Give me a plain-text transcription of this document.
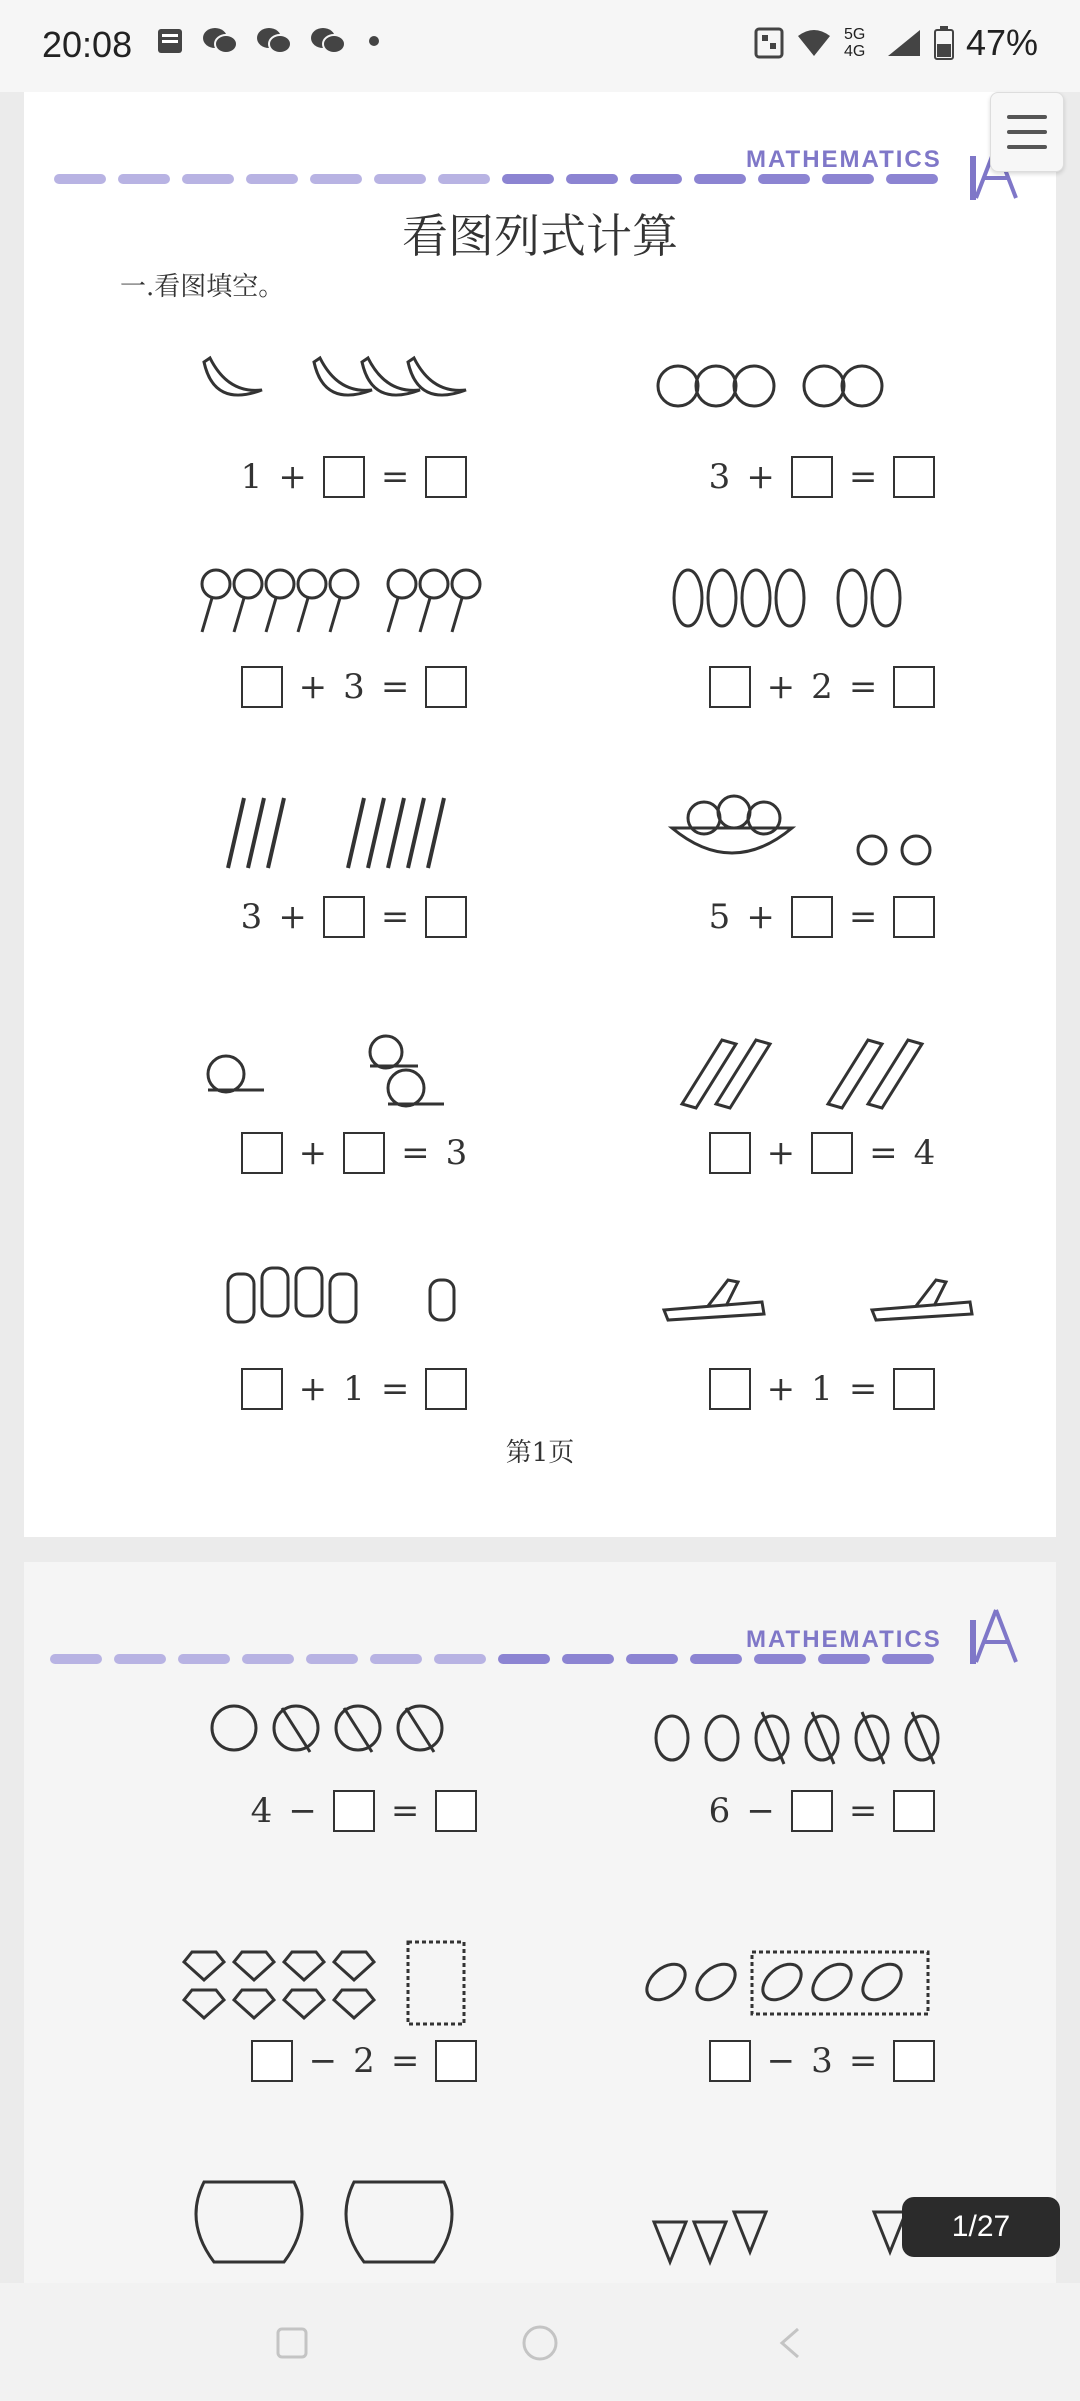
20:08	5G
4G	47%
MATHEMATICS
看图列式计算
一.看图填空。
1 + =	3 + =
+ 3 =	+ 2 =
3 + =	5 + =
+ = 3	+ = 4
+ 1 =	+ 1 =
第1页
MATHEMATICS
4 − =	6 − =
− 2 =	− 3 =
1/27
